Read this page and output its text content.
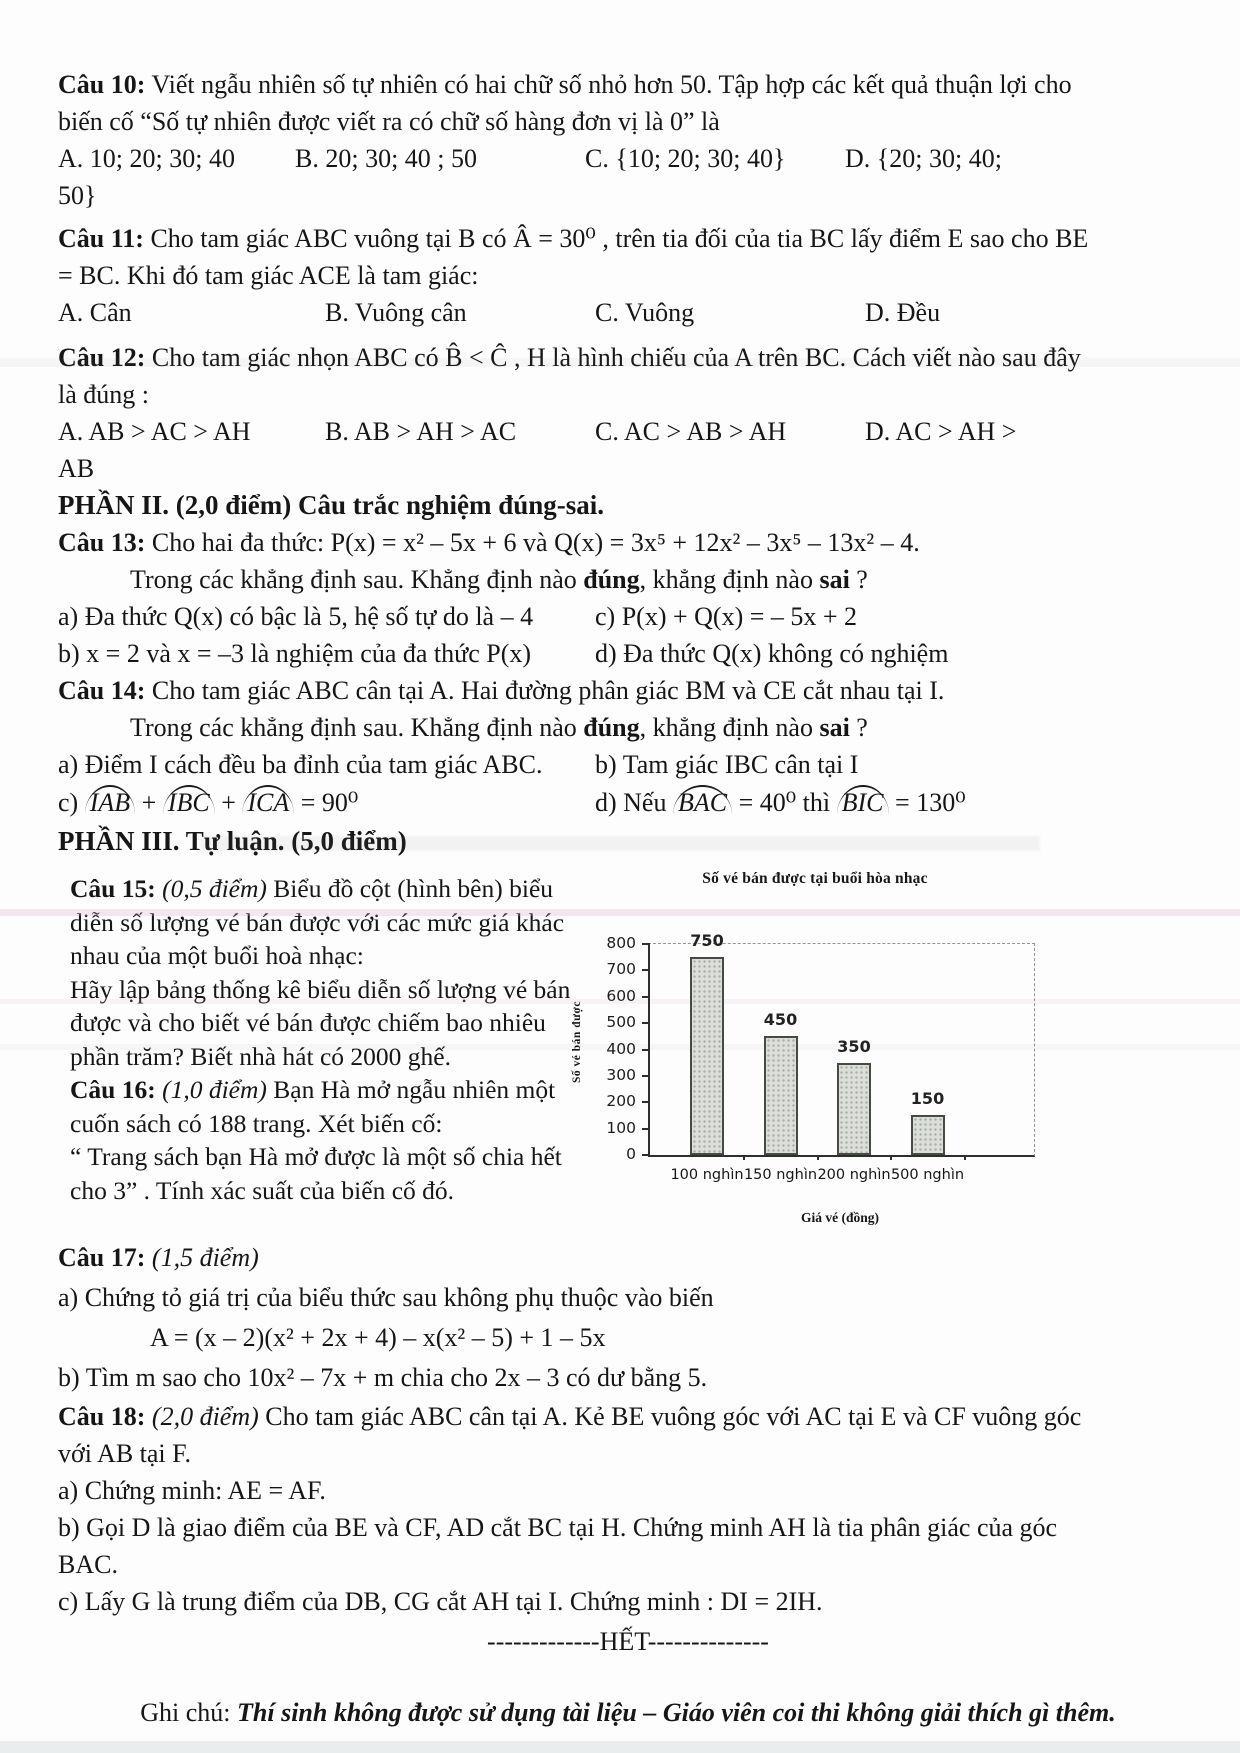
Câu 10: Viết ngẫu nhiên số tự nhiên có hai chữ số nhỏ hơn 50. Tập hợp các kết quả thuận lợi cho
biến cố “Số tự nhiên được viết ra có chữ số hàng đơn vị là 0” là

A. 10; 20; 30; 40	B. 20; 30; 40 ; 50	C. {10; 20; 30; 40}	D. {20; 30; 40;

50}

Câu 11: Cho tam giác ABC vuông tại B có Â = 30⁰ , trên tia đối của tia BC lấy điểm E sao cho BE
= BC. Khi đó tam giác ACE là tam giác:

A. Cân	B. Vuông cân	C. Vuông	D. Đều

Câu 12: Cho tam giác nhọn ABC có B̂ < Ĉ , H là hình chiếu của A trên BC. Cách viết nào sau đây
là đúng :

A. AB > AC > AH	B. AB > AH > AC	C. AC > AB > AH	D. AC > AH >

AB

PHẦN II. (2,0 điểm) Câu trắc nghiệm đúng-sai.

Câu 13: Cho hai đa thức: P(x) = x² – 5x + 6 và Q(x) = 3x⁵ + 12x² – 3x⁵ – 13x² – 4.

Trong các khẳng định sau. Khẳng định nào đúng, khẳng định nào sai ?

a) Đa thức Q(x) có bậc là 5, hệ số tự do là – 4	c) P(x) + Q(x) = – 5x + 2
b) x = 2 và x = –3 là nghiệm của đa thức P(x)	d) Đa thức Q(x) không có nghiệm

Câu 14: Cho tam giác ABC cân tại A. Hai đường phân giác BM và CE cắt nhau tại I.

Trong các khẳng định sau. Khẳng định nào đúng, khẳng định nào sai ?

a) Điểm I cách đều ba đỉnh của tam giác ABC.	b) Tam giác IBC cân tại I
c) IAB + IBC + ICA = 90⁰	d) Nếu BAC = 40⁰ thì BIC = 130⁰

PHẦN III. Tự luận. (5,0 điểm)

Câu 15: (0,5 điểm) Biểu đồ cột (hình bên) biểu diễn số lượng vé bán được với các mức giá khác nhau của một buổi hoà nhạc:

Hãy lập bảng thống kê biểu diễn số lượng vé bán được và cho biết vé bán được chiếm bao nhiêu phần trăm? Biết nhà hát có 2000 ghế.

Câu 16: (1,0 điểm) Bạn Hà mở ngẫu nhiên một cuốn sách có 188 trang. Xét biến cố:

“ Trang sách bạn Hà mở được là một số chia hết cho 3” . Tính xác suất của biến cố đó.

Số vé bán được tại buổi hòa nhạc
Số vé bán được
0
100
200
300
400
500
600
700
800	750
100 nghìn
450
150 nghìn
350
200 nghìn
150
500 nghìn
Giá vé (đồng)

Câu 17: (1,5 điểm)

a) Chứng tỏ giá trị của biểu thức sau không phụ thuộc vào biến

A = (x – 2)(x² + 2x + 4) – x(x² – 5) + 1 – 5x

b) Tìm m sao cho 10x² – 7x + m chia cho 2x – 3 có dư bằng 5.

Câu 18: (2,0 điểm) Cho tam giác ABC cân tại A. Kẻ BE vuông góc với AC tại E và CF vuông góc
với AB tại F.

a) Chứng minh: AE = AF.

b) Gọi D là giao điểm của BE và CF, AD cắt BC tại H. Chứng minh AH là tia phân giác của góc
BAC.

c) Lấy G là trung điểm của DB, CG cắt AH tại I. Chứng minh : DI = 2IH.

-------------HẾT--------------

Ghi chú: Thí sinh không được sử dụng tài liệu – Giáo viên coi thi không giải thích gì thêm.
